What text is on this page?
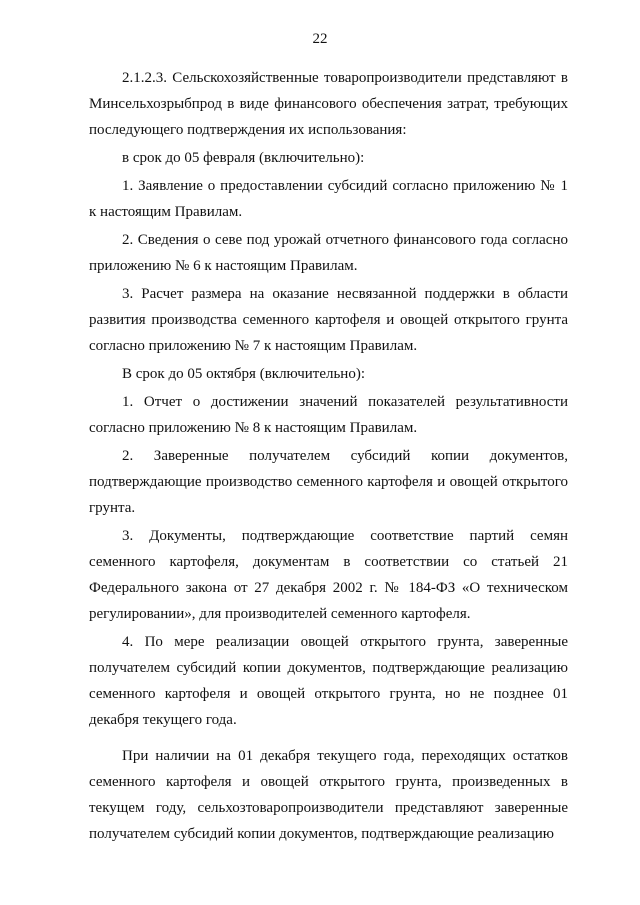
22

2.1.2.3. Сельскохозяйственные товаропроизводители представляют в Минсельхозрыбпрод в виде финансового обеспечения затрат, требующих последующего подтверждения их использования:

в срок до 05 февраля (включительно):

1. Заявление о предоставлении субсидий согласно приложению № 1 к настоящим Правилам.

2. Сведения о севе под урожай отчетного финансового года согласно приложению № 6 к настоящим Правилам.

3. Расчет размера на оказание несвязанной поддержки в области развития производства семенного картофеля и овощей открытого грунта согласно приложению № 7 к настоящим Правилам.

В срок до 05 октября (включительно):

1. Отчет о достижении значений показателей результативности согласно приложению № 8 к настоящим Правилам.

2. Заверенные получателем субсидий копии документов, подтверждающие производство семенного картофеля и овощей открытого грунта.

3. Документы, подтверждающие соответствие партий семян семенного картофеля, документам в соответствии со статьей 21 Федерального закона от 27 декабря 2002 г. № 184-ФЗ «О техническом регулировании», для производителей семенного картофеля.

4. По мере реализации овощей открытого грунта, заверенные получателем субсидий копии документов, подтверждающие реализацию семенного картофеля и овощей открытого грунта, но не позднее 01 декабря текущего года.

При наличии на 01 декабря текущего года, переходящих остатков семенного картофеля и овощей открытого грунта, произведенных в текущем году, сельхозтоваропроизводители представляют заверенные получателем субсидий копии документов, подтверждающие реализацию
